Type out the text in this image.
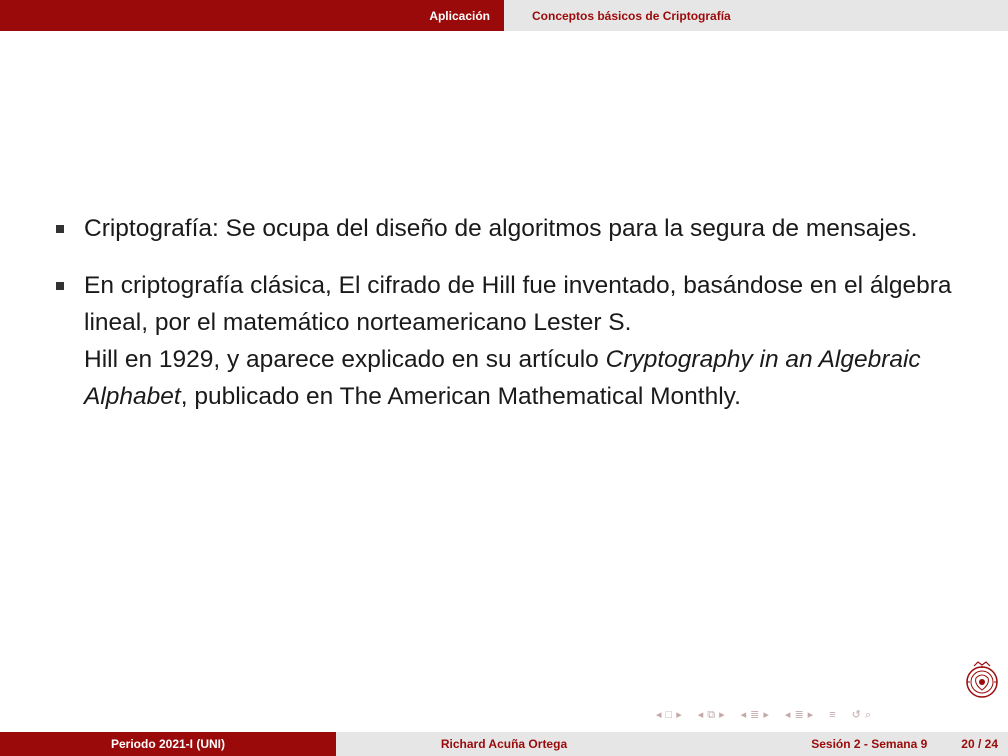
Aplicación	Conceptos básicos de Criptografía
Criptografía: Se ocupa del diseño de algoritmos para la segura de mensajes.
En criptografía clásica, El cifrado de Hill fue inventado, basándose en el álgebra lineal, por el matemático norteamericano Lester S.
Hill en 1929, y aparece explicado en su artículo Cryptography in an Algebraic Alphabet, publicado en The American Mathematical Monthly.
◂ □ ▸ ◂ ⧉ ▸ ◂ ≣ ▸ ◂ ≣ ▸ ≡ ↺ ⌕
Periodo 2021-I (UNI)	Richard Acuña Ortega	Sesión 2 - Semana 9	20 / 24
